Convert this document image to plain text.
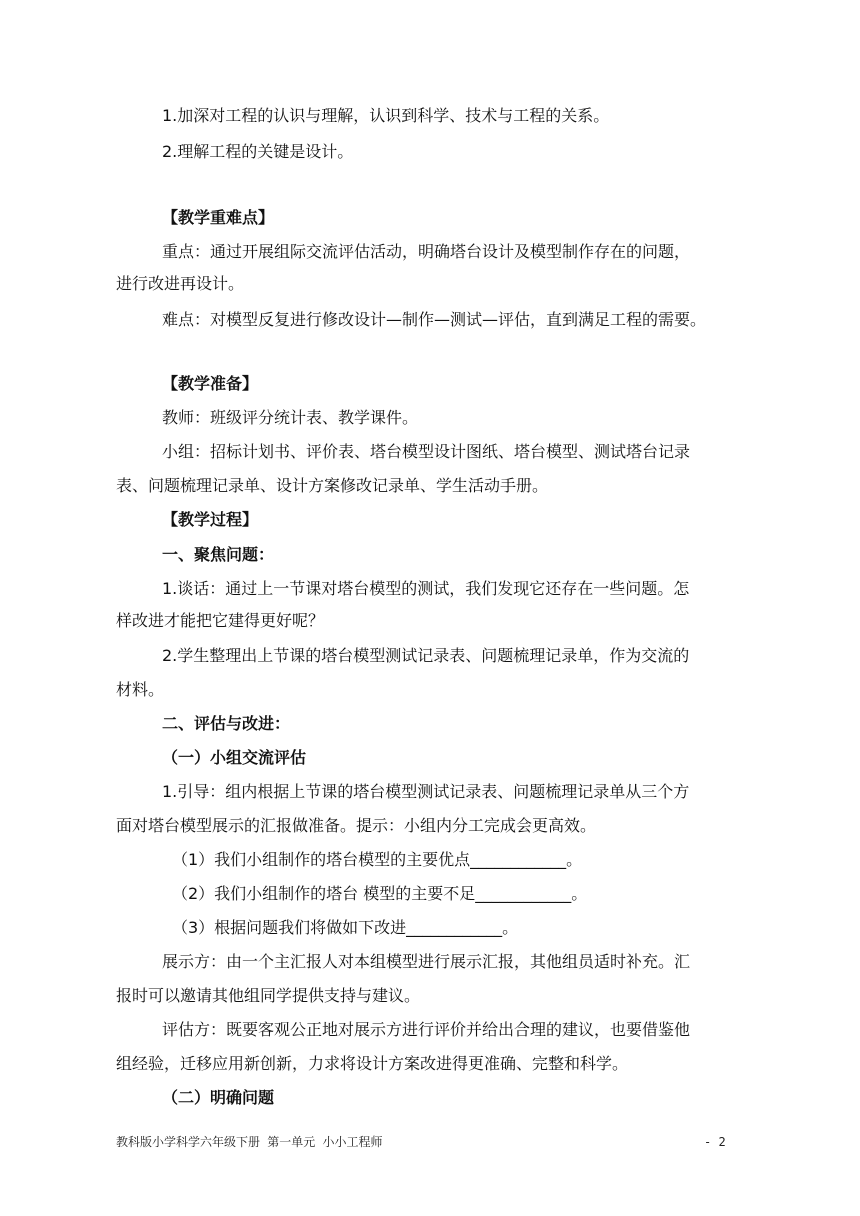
1.加深对工程的认识与理解，认识到科学、技术与工程的关系。
2.理解工程的关键是设计。
【教学重难点】
重点：通过开展组际交流评估活动，明确塔台设计及模型制作存在的问题，
进行改进再设计。
难点：对模型反复进行修改设计—制作—测试—评估，直到满足工程的需要。
【教学准备】
教师：班级评分统计表、教学课件。
小组：招标计划书、评价表、塔台模型设计图纸、塔台模型、测试塔台记录
表、问题梳理记录单、设计方案修改记录单、学生活动手册。
【教学过程】
一、聚焦问题：
1.谈话：通过上一节课对塔台模型的测试，我们发现它还存在一些问题。怎
样改进才能把它建得更好呢？
2.学生整理出上节课的塔台模型测试记录表、问题梳理记录单，作为交流的
材料。
二、评估与改进：
（一）小组交流评估
1.引导：组内根据上节课的塔台模型测试记录表、问题梳理记录单从三个方
面对塔台模型展示的汇报做准备。提示：小组内分工完成会更高效。
（1）我们小组制作的塔台模型的主要优点____________。
（2）我们小组制作的塔台 模型的主要不足____________。
（3）根据问题我们将做如下改进____________。
展示方：由一个主汇报人对本组模型进行展示汇报，其他组员适时补充。汇
报时可以邀请其他组同学提供支持与建议。
评估方：既要客观公正地对展示方进行评价并给出合理的建议，也要借鉴他
组经验，迁移应用新创新，力求将设计方案改进得更准确、完整和科学。
（二）明确问题
教科版小学科学六年级下册 第一单元 小小工程师	- 2
